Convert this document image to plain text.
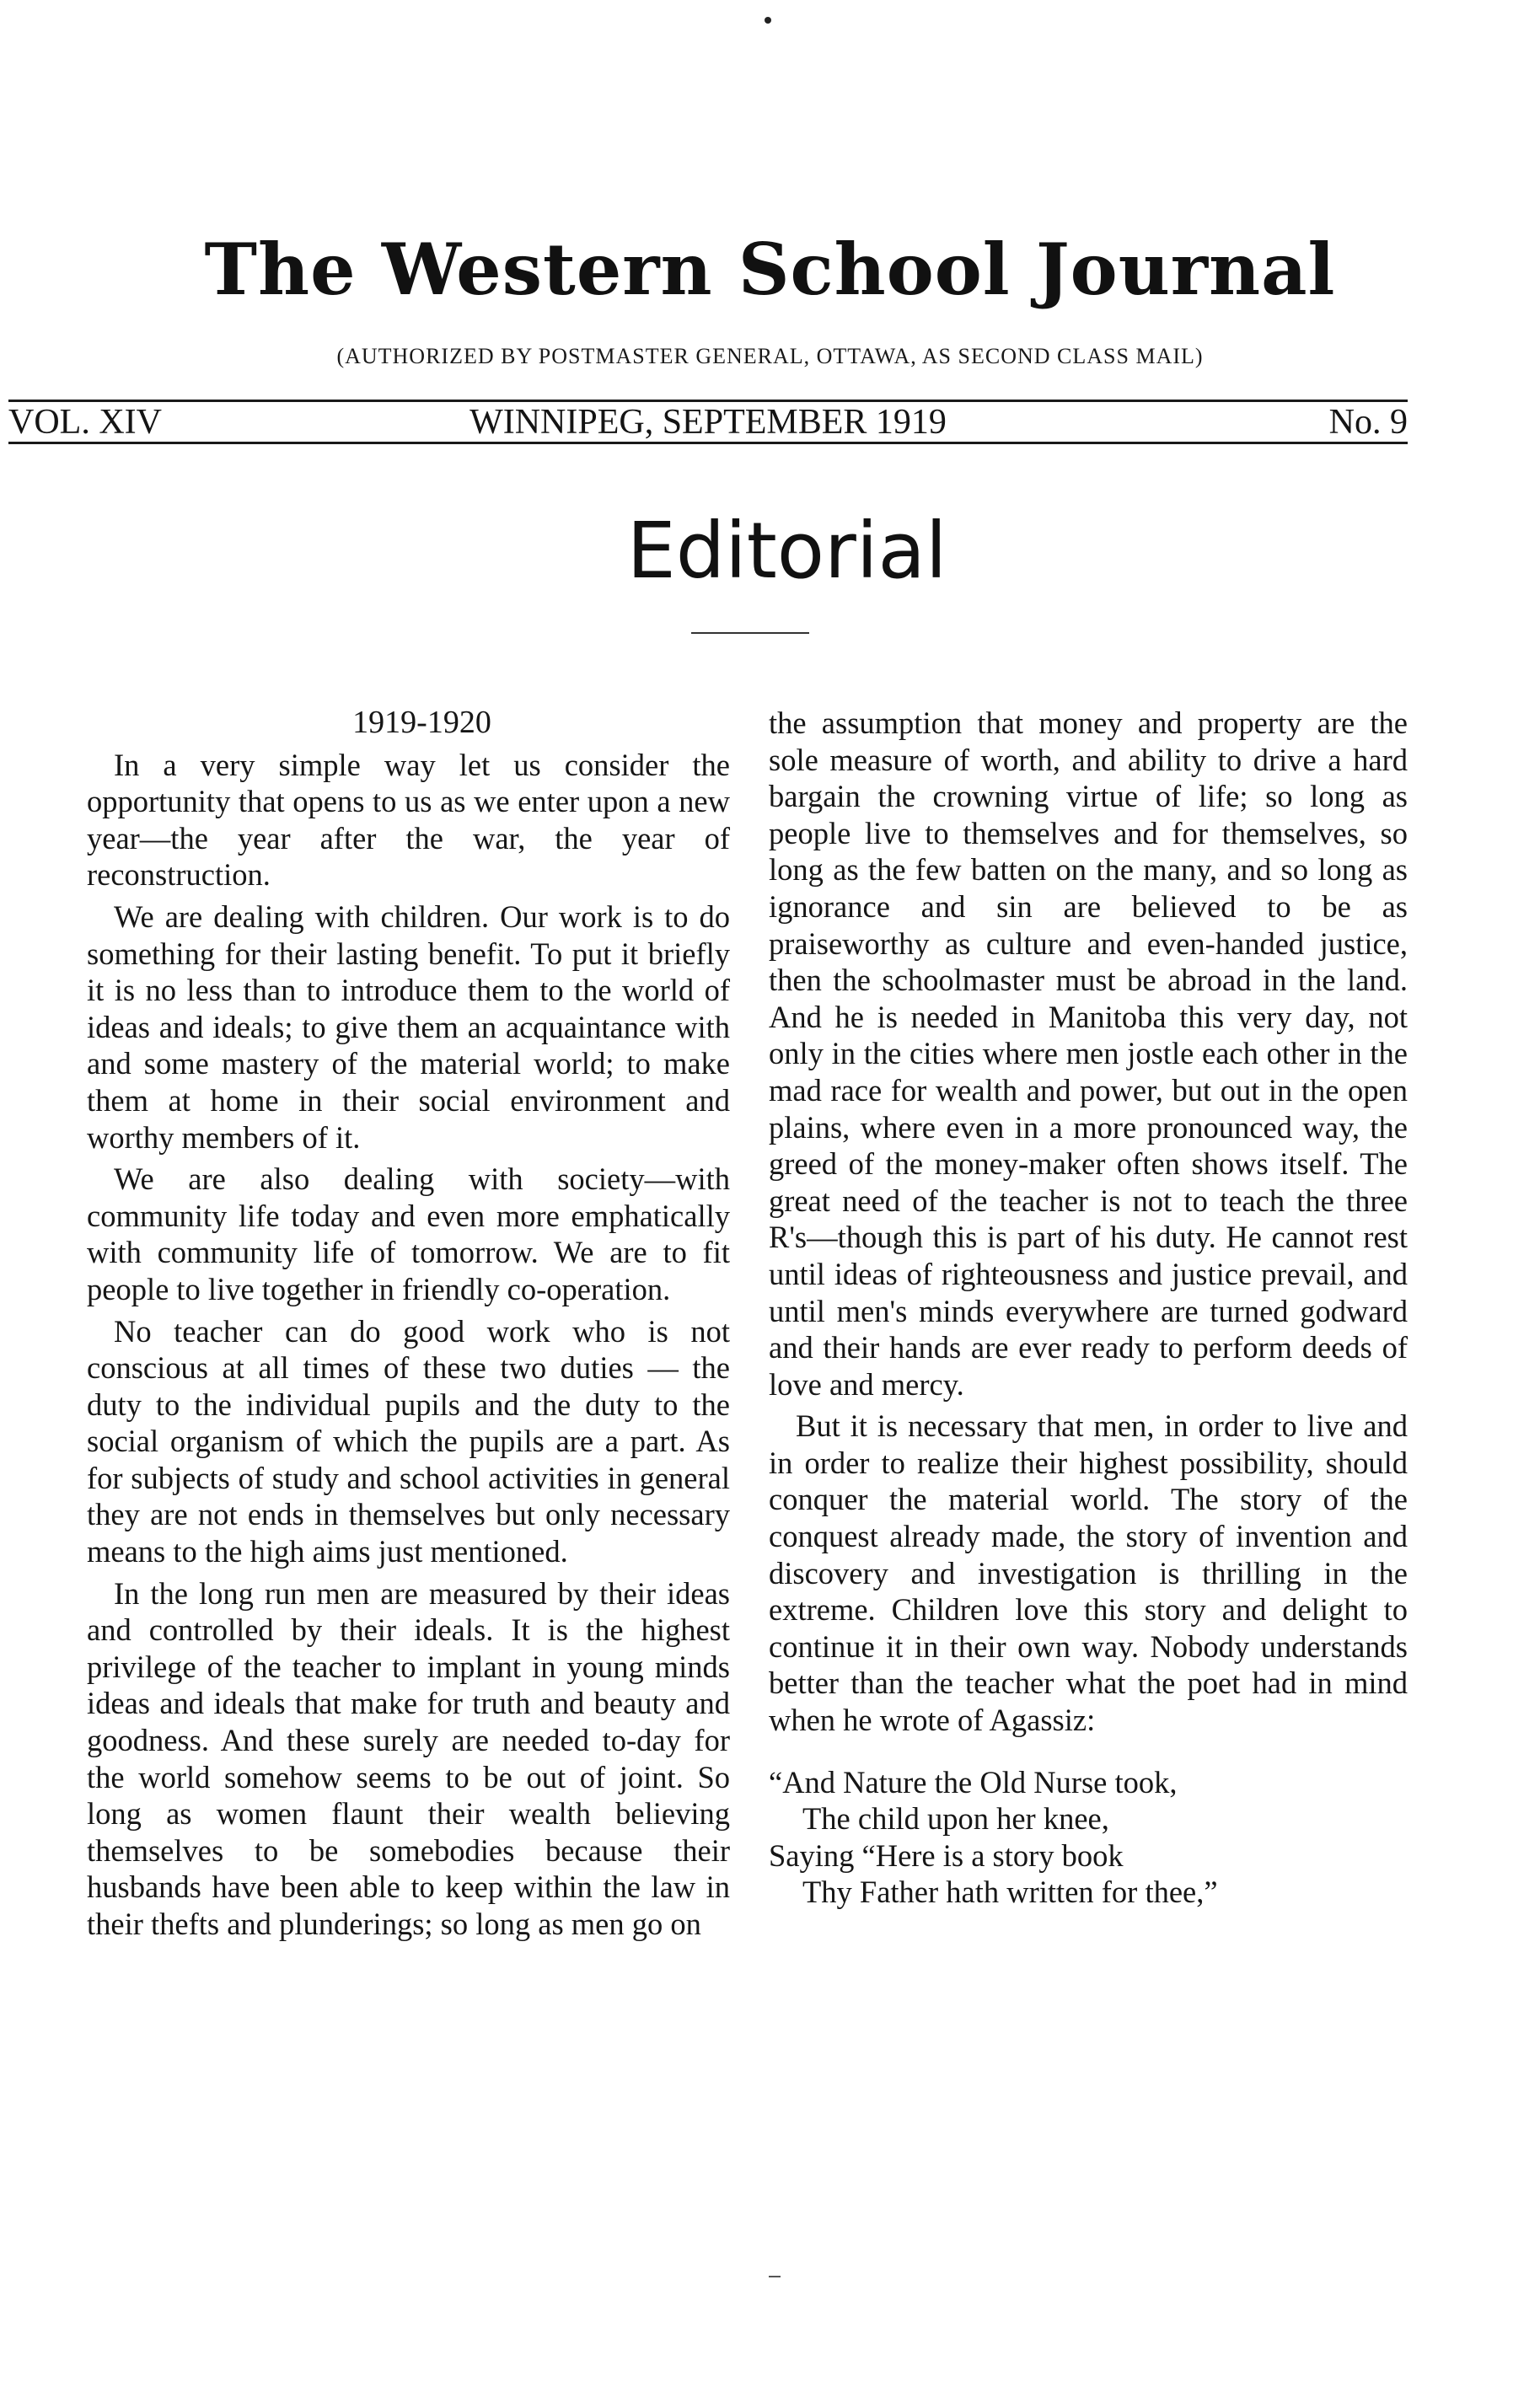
The Western School Journal
(AUTHORIZED BY POSTMASTER GENERAL, OTTAWA, AS SECOND CLASS MAIL)
VOL. XIV	WINNIPEG, SEPTEMBER 1919	No. 9
Editorial

1919-1920

In a very simple way let us consider the opportunity that opens to us as we enter upon a new year—the year after the war, the year of reconstruction.

We are dealing with children. Our work is to do something for their lasting benefit. To put it briefly it is no less than to introduce them to the world of ideas and ideals; to give them an acquaintance with and some mastery of the material world; to make them at home in their social environment and worthy members of it.

We are also dealing with society—with community life today and even more emphatically with community life of tomorrow. We are to fit people to live together in friendly co-operation.

No teacher can do good work who is not conscious at all times of these two duties — the duty to the individual pupils and the duty to the social organism of which the pupils are a part. As for subjects of study and school activities in general they are not ends in themselves but only necessary means to the high aims just mentioned.

In the long run men are measured by their ideas and controlled by their ideals. It is the highest privilege of the teacher to implant in young minds ideas and ideals that make for truth and beauty and goodness. And these surely are needed to-day for the world somehow seems to be out of joint. So long as women flaunt their wealth believing themselves to be somebodies because their husbands have been able to keep within the law in their thefts and plunderings; so long as men go on

the assumption that money and property are the sole measure of worth, and ability to drive a hard bargain the crowning virtue of life; so long as people live to themselves and for themselves, so long as the few batten on the many, and so long as ignorance and sin are believed to be as praiseworthy as culture and even-handed justice, then the schoolmaster must be abroad in the land. And he is needed in Manitoba this very day, not only in the cities where men jostle each other in the mad race for wealth and power, but out in the open plains, where even in a more pronounced way, the greed of the money-maker often shows itself. The great need of the teacher is not to teach the three R's—though this is part of his duty. He cannot rest until ideas of righteousness and justice prevail, and until men's minds everywhere are turned godward and their hands are ever ready to perform deeds of love and mercy.

But it is necessary that men, in order to live and in order to realize their highest possibility, should conquer the material world. The story of the conquest already made, the story of invention and discovery and investigation is thrilling in the extreme. Children love this story and delight to continue it in their own way. Nobody understands better than the teacher what the poet had in mind when he wrote of Agassiz:

“And Nature the Old Nurse took,
The child upon her knee,
Saying “Here is a story book
Thy Father hath written for thee,”
